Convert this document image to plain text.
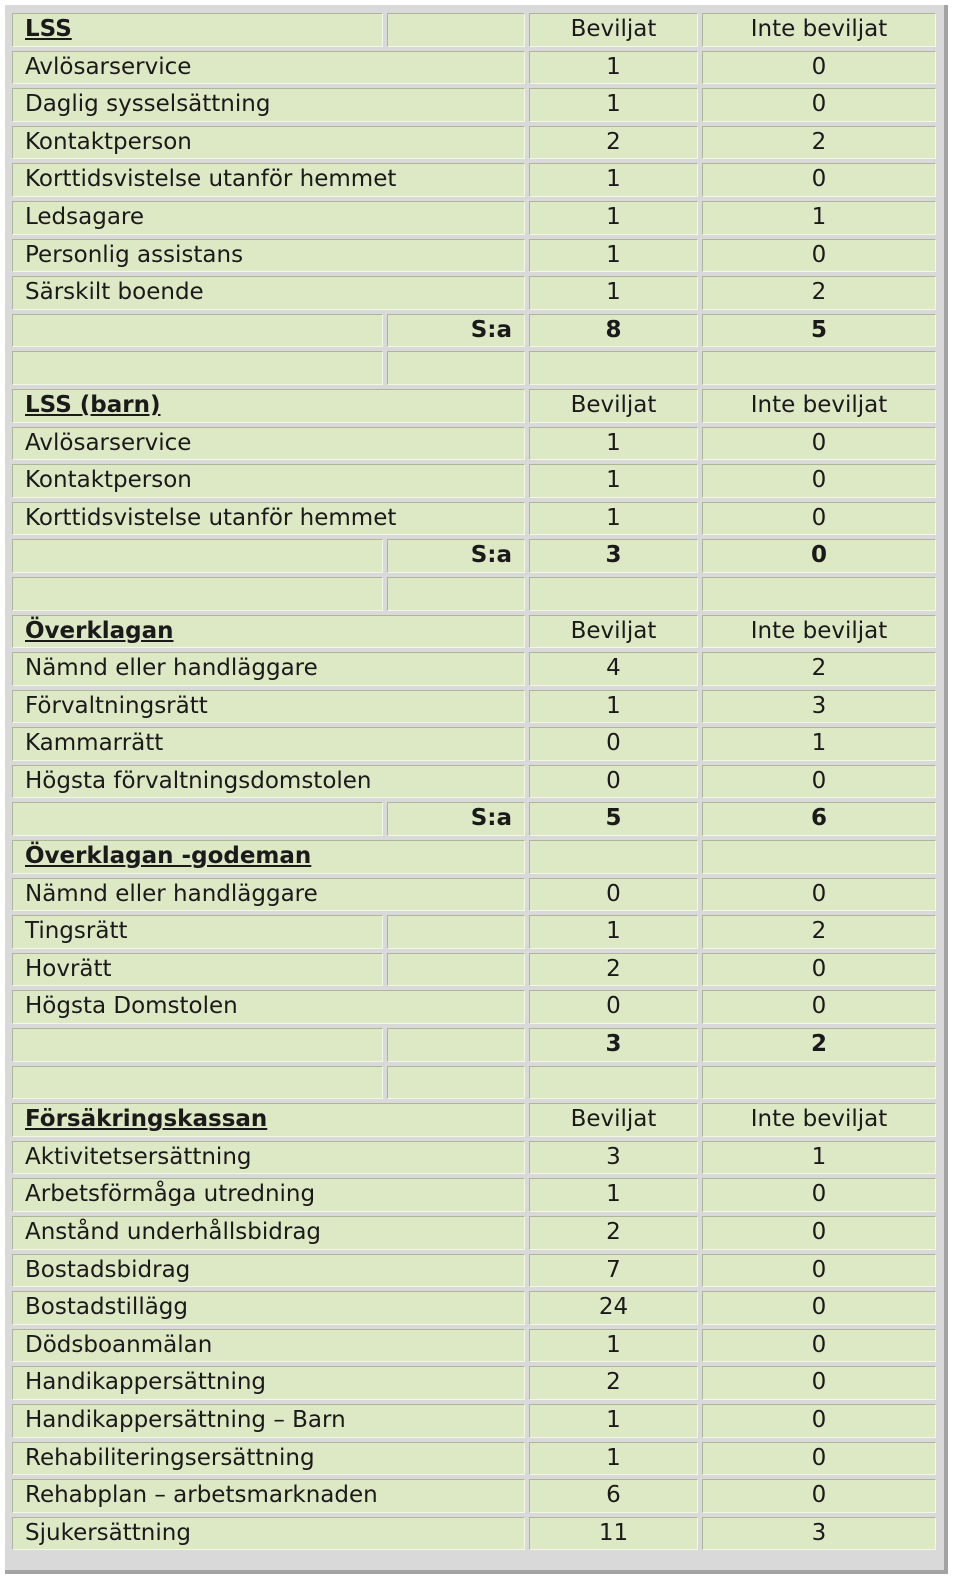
LSS	Beviljat	Inte beviljat
Avlösarservice	1	0
Daglig sysselsättning	1	0
Kontaktperson	2	2
Korttidsvistelse utanför hemmet	1	0
Ledsagare	1	1
Personlig assistans	1	0
Särskilt boende	1	2
S:a	8	5
LSS (barn)	Beviljat	Inte beviljat
Avlösarservice	1	0
Kontaktperson	1	0
Korttidsvistelse utanför hemmet	1	0
S:a	3	0
Överklagan	Beviljat	Inte beviljat
Nämnd eller handläggare	4	2
Förvaltningsrätt	1	3
Kammarrätt	0	1
Högsta förvaltningsdomstolen	0	0
S:a	5	6
Överklagan -godeman
Nämnd eller handläggare	0	0
Tingsrätt	1	2
Hovrätt	2	0
Högsta Domstolen	0	0
3	2
Försäkringskassan	Beviljat	Inte beviljat
Aktivitetsersättning	3	1
Arbetsförmåga utredning	1	0
Anstånd underhållsbidrag	2	0
Bostadsbidrag	7	0
Bostadstillägg	24	0
Dödsboanmälan	1	0
Handikappersättning	2	0
Handikappersättning – Barn	1	0
Rehabiliteringsersättning	1	0
Rehabplan – arbetsmarknaden	6	0
Sjukersättning	11	3
